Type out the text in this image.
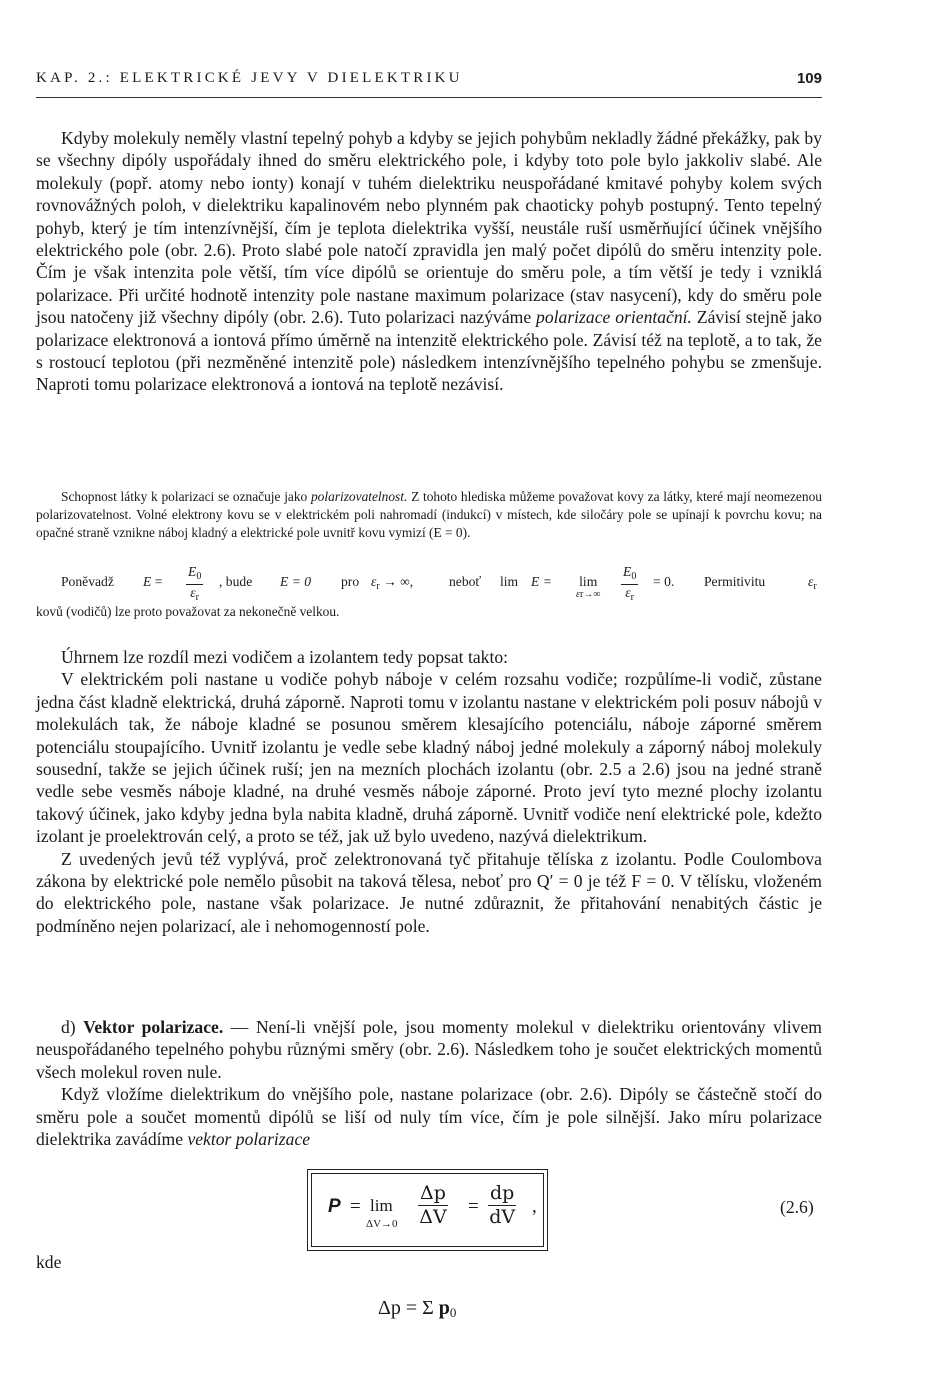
KAP. 2.: ELEKTRICKÉ JEVY V DIELEKTRIKU	109

Kdyby molekuly neměly vlastní tepelný pohyb a kdyby se jejich pohybům nekladly žádné překážky, pak by se všechny dipóly uspořádaly ihned do směru elektrického pole, i kdyby toto pole bylo jakkoliv slabé. Ale molekuly (popř. atomy nebo ionty) konají v tuhém dielektriku neuspořádané kmitavé pohyby kolem svých rovnovážných poloh, v dielektriku kapalinovém nebo plynném pak chaoticky pohyb postupný. Tento tepelný pohyb, který je tím intenzívnější, čím je teplota dielektrika vyšší, neustále ruší usměrňující účinek vnějšího elektrického pole (obr. 2.6). Proto slabé pole natočí zpravidla jen malý počet dipólů do směru intenzity pole. Čím je však intenzita pole větší, tím více dipólů se orientuje do směru pole, a tím větší je tedy i vzniklá polarizace. Při určité hodnotě intenzity pole nastane maximum polarizace (stav nasycení), kdy do směru pole jsou natočeny již všechny dipóly (obr. 2.6). Tuto polarizaci nazýváme polarizace orientační. Závisí stejně jako polarizace elektronová a iontová přímo úměrně na intenzitě elektrického pole. Závisí též na teplotě, a to tak, že s rostoucí teplotou (při nezměněné intenzitě pole) následkem intenzívnějšího tepelného pohybu se zmenšuje. Naproti tomu polarizace elektronová a iontová na teplotě nezávisí.

Schopnost látky k polarizaci se označuje jako polarizovatelnost. Z tohoto hlediska můžeme považovat kovy za látky, které mají neomezenou polarizovatelnost. Volné elektrony kovu se v elektrickém poli nahromadí (indukcí) v místech, kde siločáry pole se upínají k povrchu kovu; na opačné straně vznikne náboj kladný a elektrické pole uvnitř kovu vymizí (E = 0).

Poněvadž $E = \frac{E_0}{\varepsilon_r}$ , bude E = 0 pro $\varepsilon_r$ → ∞,	neboť lim E = lim
$\varepsilon r\to\infty \frac{E_0}{\varepsilon_r} = 0$. Permitivitu	$\varepsilon_r$

kovů (vodičů) lze proto považovat za nekonečně velkou.

Úhrnem lze rozdíl mezi vodičem a izolantem tedy popsat takto:

V elektrickém poli nastane u vodiče pohyb náboje v celém rozsahu vodiče; rozpůlíme-li vodič, zůstane jedna část kladně elektrická, druhá záporně. Naproti tomu v izolantu nastane v elektrickém poli posuv nábojů v molekulách tak, že náboje kladné se posunou směrem klesajícího potenciálu, náboje záporné směrem potenciálu stoupajícího. Uvnitř izolantu je vedle sebe kladný náboj jedné molekuly a záporný náboj molekuly sousední, takže se jejich účinek ruší; jen na mezních plochách izolantu (obr. 2.5 a 2.6) jsou na jedné straně vedle sebe vesměs náboje kladné, na druhé vesměs náboje záporné. Proto jeví tyto mezné plochy izolantu takový účinek, jako kdyby jedna byla nabita kladně, druhá záporně. Uvnitř vodiče není elektrické pole, kdežto izolant je proelektrován celý, a proto se též, jak už bylo uvedeno, nazývá dielektrikum.

Z uvedených jevů též vyplývá, proč zelektronovaná tyč přitahuje tělíska z izolantu. Podle Coulombova zákona by elektrické pole nemělo působit na taková tělesa, neboť pro Q′ = 0 je též F = 0. V tělísku, vloženém do elektrického pole, nastane však polarizace. Je nutné zdůraznit, že přitahování nenabitých částic je podmíněno nejen polarizací, ale i nehomogenností pole.

d) Vektor polarizace. — Není-li vnější pole, jsou momenty molekul v dielektriku orientovány vlivem neuspořádaného tepelného pohybu různými směry (obr. 2.6). Následkem toho je součet elektrických momentů všech molekul roven nule.

Když vložíme dielektrikum do vnějšího pole, nastane polarizace (obr. 2.6). Dipóly se částečně stočí do směru pole a součet momentů dipólů se liší od nuly tím více, čím je pole silnější. Jako míru polarizace dielektrika zavádíme vektor polarizace

P = lim
$\Delta V\to 0 \frac{\Delta p}{\Delta V} = \frac{dp}{dV}$ ,	(2.6)
kde
Δp = Σ $p_0$
